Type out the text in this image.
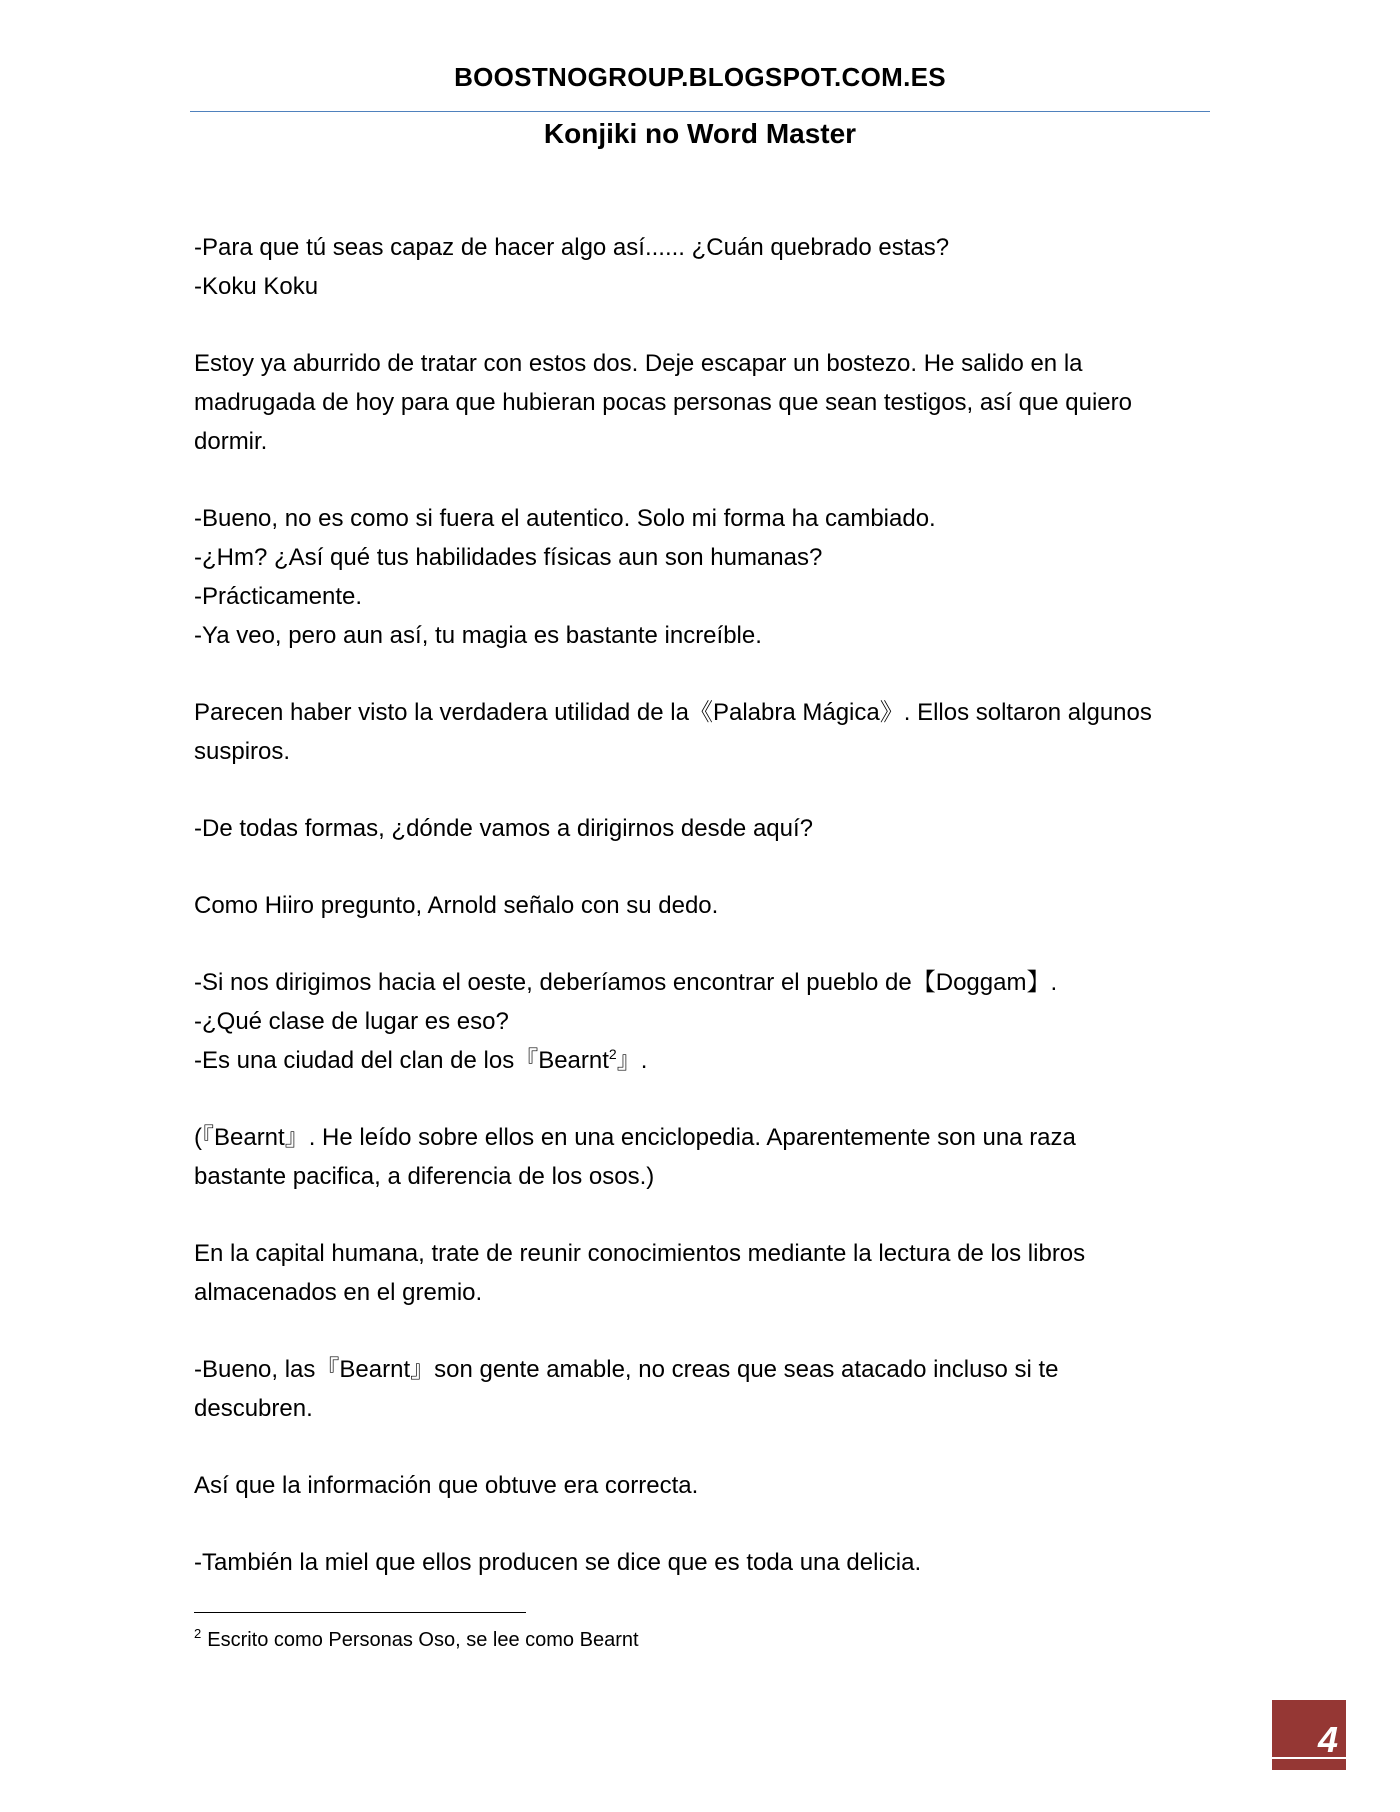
BOOSTNOGROUP.BLOGSPOT.COM.ES
Konjiki no Word Master

-Para que tú seas capaz de hacer algo así...... ¿Cuán quebrado estas?
-Koku Koku

Estoy ya aburrido de tratar con estos dos. Deje escapar un bostezo. He salido en la
madrugada de hoy para que hubieran pocas personas que sean testigos, así que quiero
dormir.

-Bueno, no es como si fuera el autentico. Solo mi forma ha cambiado.
-¿Hm? ¿Así qué tus habilidades físicas aun son humanas?
-Prácticamente.
-Ya veo, pero aun así, tu magia es bastante increíble.

Parecen haber visto la verdadera utilidad de la《Palabra Mágica》. Ellos soltaron algunos
suspiros.

-De todas formas, ¿dónde vamos a dirigirnos desde aquí?

Como Hiiro pregunto, Arnold señalo con su dedo.

-Si nos dirigimos hacia el oeste, deberíamos encontrar el pueblo de【Doggam】.
-¿Qué clase de lugar es eso?
-Es una ciudad del clan de los『Bearnt$^2$』.

(『Bearnt』. He leído sobre ellos en una enciclopedia. Aparentemente son una raza
bastante pacifica, a diferencia de los osos.)

En la capital humana, trate de reunir conocimientos mediante la lectura de los libros
almacenados en el gremio.

-Bueno, las『Bearnt』son gente amable, no creas que seas atacado incluso si te
descubren.

Así que la información que obtuve era correcta.

-También la miel que ellos producen se dice que es toda una delicia.

$^2$ Escrito como Personas Oso, se lee como Bearnt
4
